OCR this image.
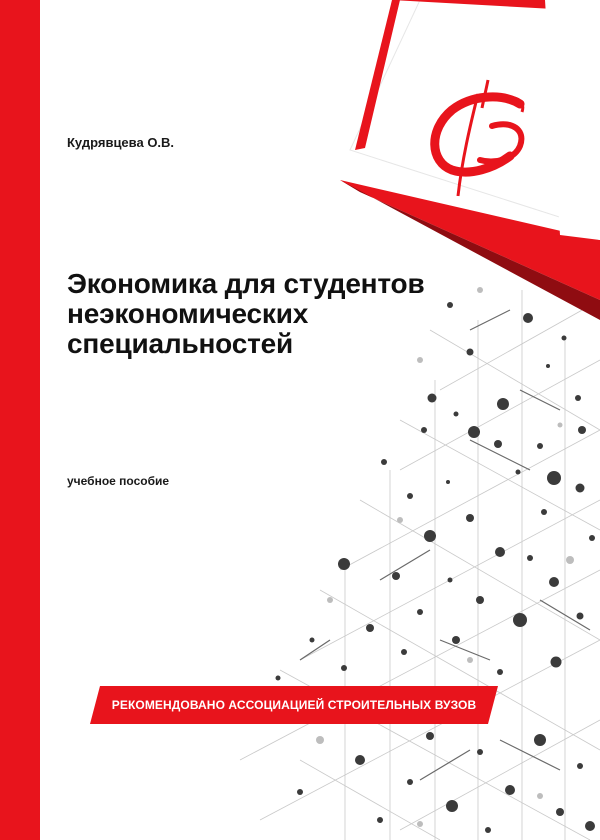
Кудрявцева О.В.
Экономика для студентов
неэкономических
специальностей
учебное пособие
РЕКОМЕНДОВАНО АССОЦИАЦИЕЙ СТРОИТЕЛЬНЫХ ВУЗОВ
